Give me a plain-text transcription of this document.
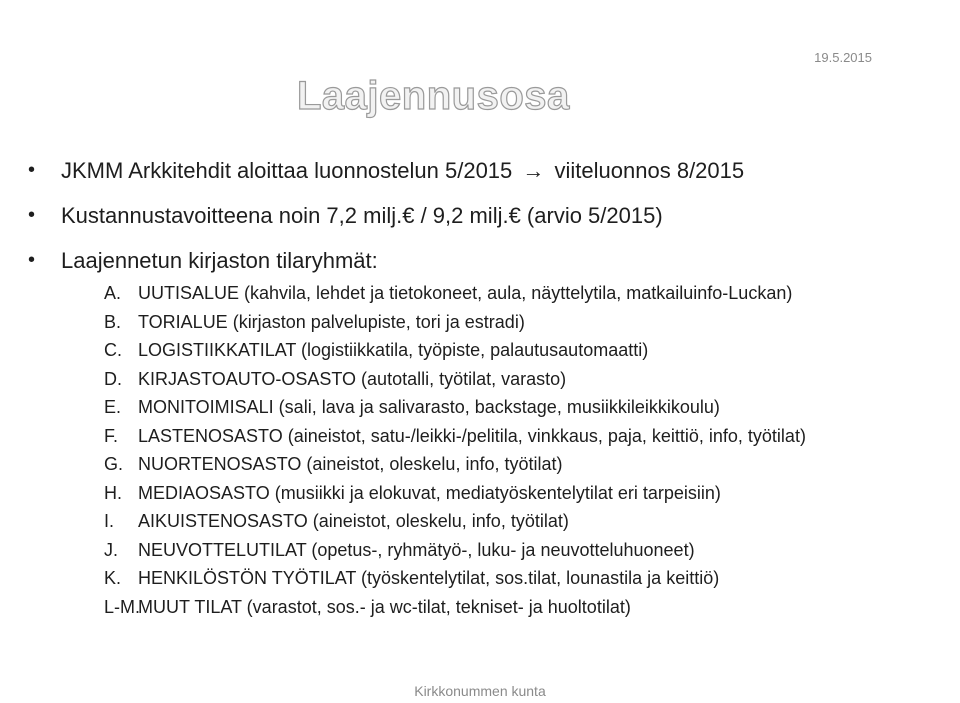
19.5.2015
Laajennusosa
• JKMM Arkkitehdit aloittaa luonnostelun 5/2015 → viiteluonnos 8/2015
• Kustannustavoitteena noin 7,2 milj.€ / 9,2 milj.€ (arvio 5/2015)
• Laajennetun kirjaston tilaryhmät:
A. UUTISALUE (kahvila, lehdet ja tietokoneet, aula, näyttelytila, matkailuinfo-Luckan)
B. TORIALUE (kirjaston palvelupiste, tori ja estradi)
C. LOGISTIIKKATILAT (logistiikkatila, työpiste, palautusautomaatti)
D. KIRJASTOAUTO-OSASTO (autotalli, työtilat, varasto)
E. MONITOIMISALI (sali, lava ja salivarasto, backstage, musiikkileikkikoulu)
F.	LASTENOSASTO (aineistot, satu-/leikki-/pelitila, vinkkaus, paja, keittiö, info, työtilat)
G. NUORTENOSASTO (aineistot, oleskelu, info, työtilat)
H. MEDIAOSASTO (musiikki ja elokuvat, mediatyöskentelytilat eri tarpeisiin)
I.	AIKUISTENOSASTO (aineistot, oleskelu, info, työtilat)
J.	NEUVOTTELUTILAT (opetus-, ryhmätyö-, luku- ja neuvotteluhuoneet)
K. HENKILÖSTÖN TYÖTILAT (työskentelytilat, sos.tilat, lounastila ja keittiö)
L-M.
MUUT TILAT (varastot, sos.- ja wc-tilat, tekniset- ja huoltotilat)
Kirkkonummen kunta
